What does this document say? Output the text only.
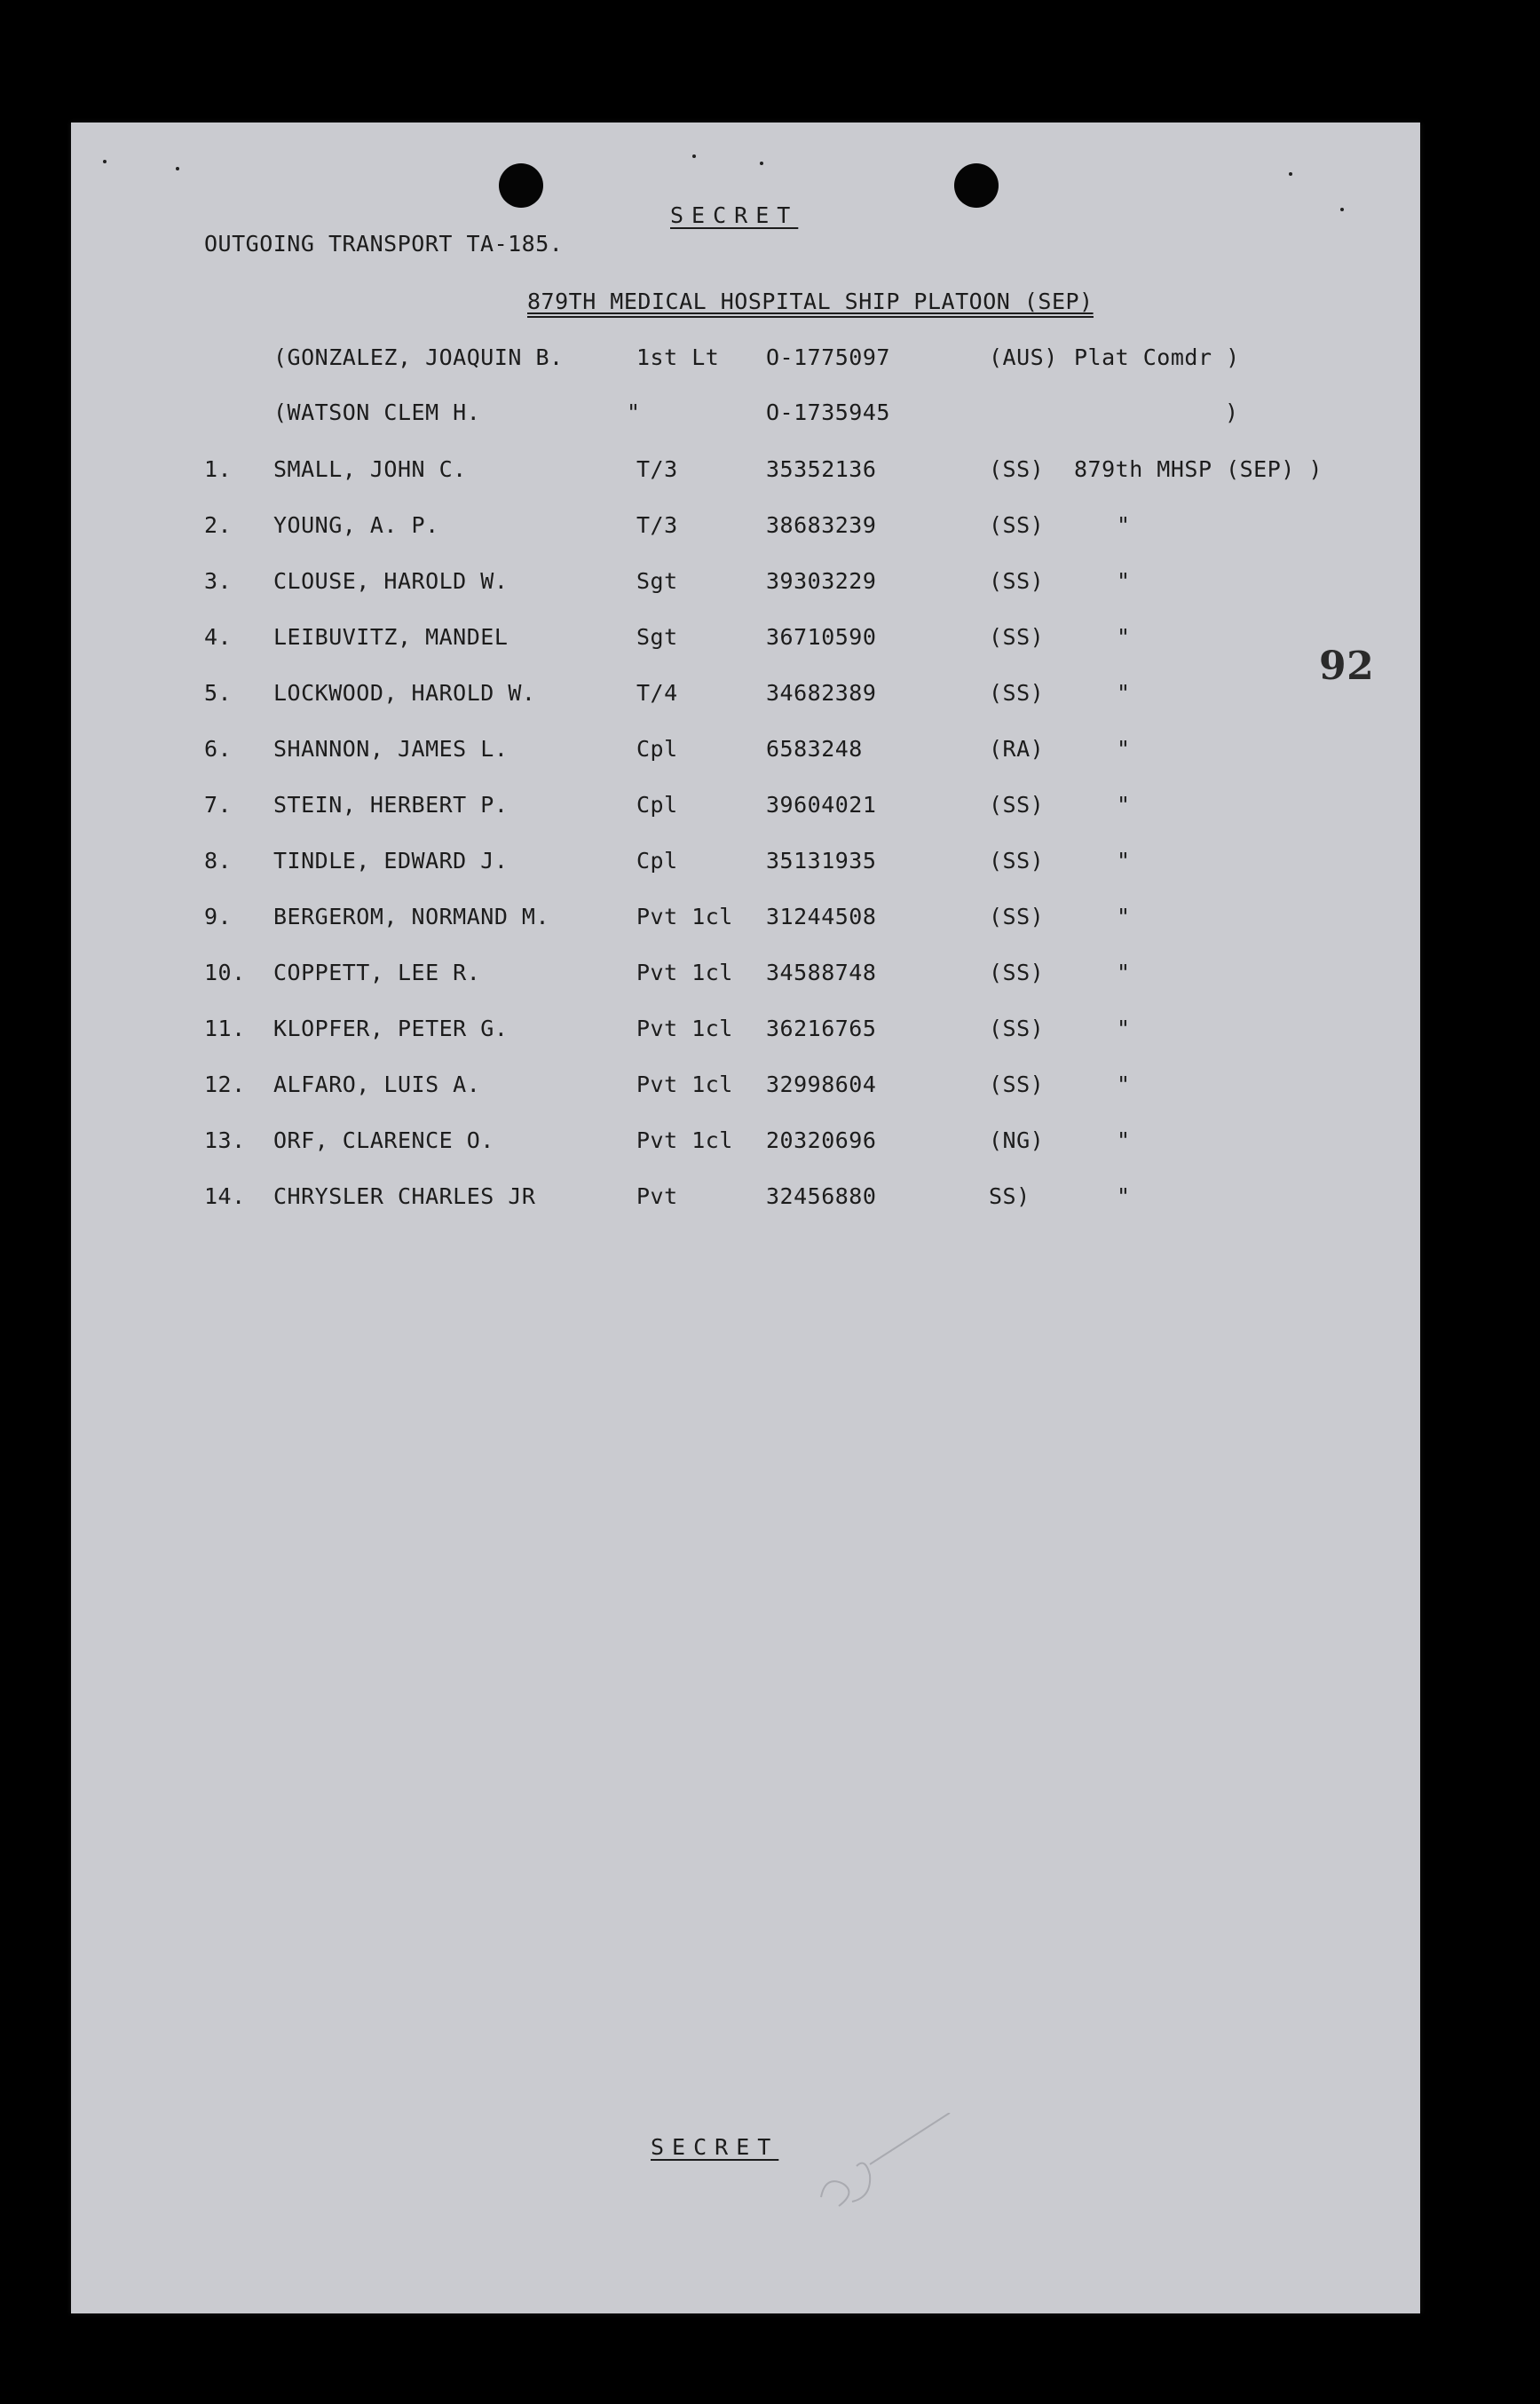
SECRET
OUTGOING TRANSPORT TA-185.
879TH MEDICAL HOSPITAL SHIP PLATOON (SEP)
(GONZALEZ, JOAQUIN B.	1st Lt O-1775097	(AUS) Plat Comdr )
(WATSON CLEM H.	"	O-1735945	)
1. SMALL, JOHN C.	T/3	35352136	(SS) 879th MHSP (SEP) )
2. YOUNG, A. P.	T/3	38683239	(SS)	"
3. CLOUSE, HAROLD W.	Sgt	39303229	(SS)	"
4. LEIBUVITZ, MANDEL	Sgt	36710590	(SS)	"
5. LOCKWOOD, HAROLD W.	T/4	34682389	(SS)	"
6. SHANNON, JAMES L.	Cpl	6583248	(RA)	"
7. STEIN, HERBERT P.	Cpl	39604021	(SS)	"
8. TINDLE, EDWARD J.	Cpl	35131935	(SS)	"
9. BERGEROM, NORMAND M.	Pvt 1cl 31244508	(SS)	"
10. COPPETT, LEE R.	Pvt 1cl 34588748	(SS)	"
11. KLOPFER, PETER G.	Pvt 1cl 36216765	(SS)	"
12. ALFARO, LUIS A.	Pvt 1cl 32998604	(SS)	"
13. ORF, CLARENCE O.	Pvt 1cl 20320696	(NG)	"
14. CHRYSLER CHARLES JR	Pvt	32456880	SS)	"
92
SECRET
